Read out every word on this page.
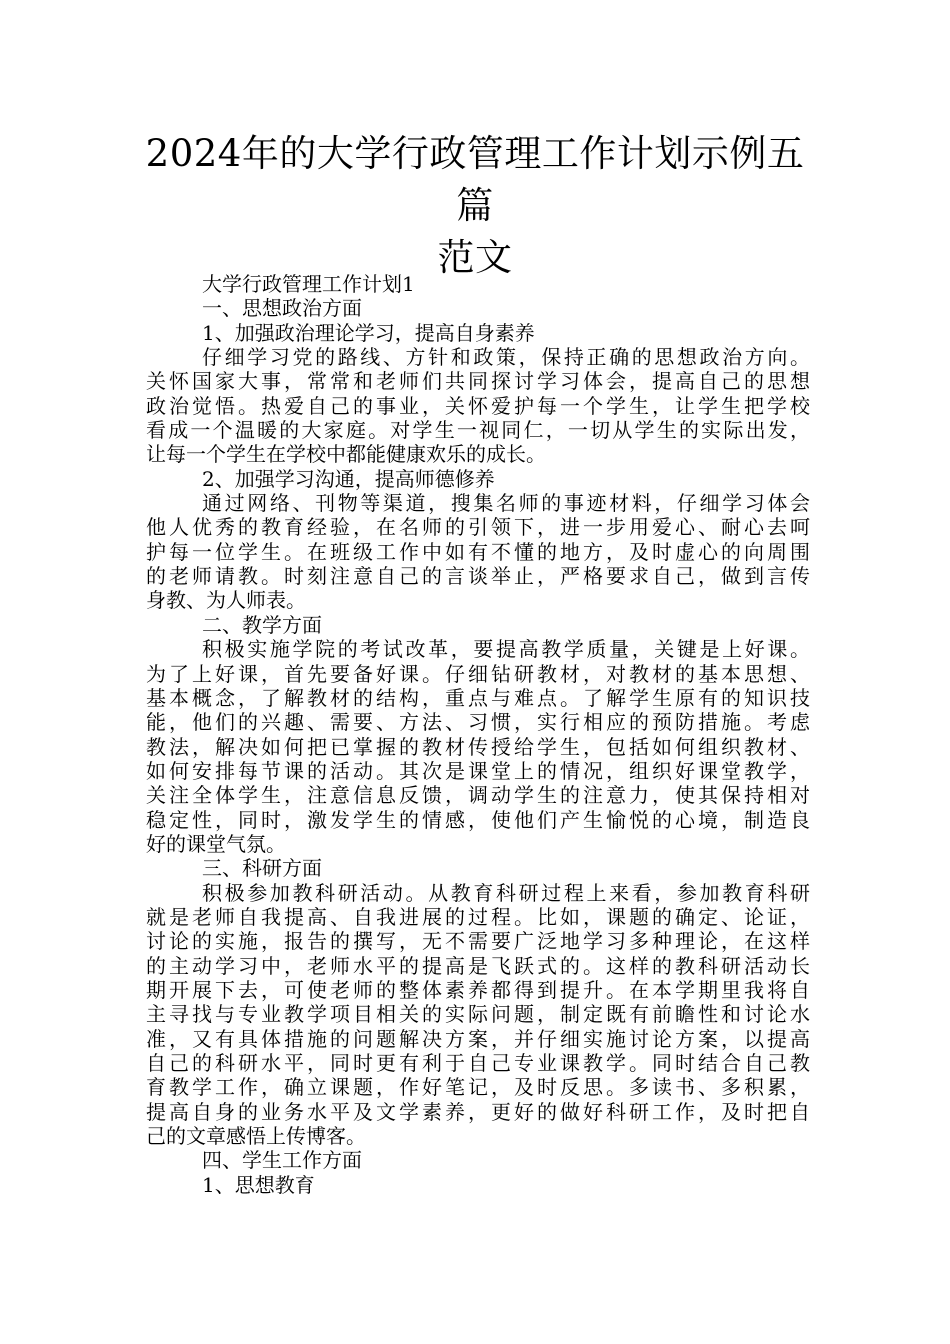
2024年的大学行政管理工作计划示例五篇
范文

大学行政管理工作计划1

一、思想政治方面

1、加强政治理论学习，提高自身素养

仔细学习党的路线、方针和政策，保持正确的思想政治方向。

关怀国家大事，常常和老师们共同探讨学习体会，提高自己的思想

政治觉悟。热爱自己的事业，关怀爱护每一个学生，让学生把学校

看成一个温暖的大家庭。对学生一视同仁，一切从学生的实际出发，

让每一个学生在学校中都能健康欢乐的成长。

2、加强学习沟通，提高师德修养

通过网络、刊物等渠道，搜集名师的事迹材料，仔细学习体会

他人优秀的教育经验，在名师的引领下，进一步用爱心、耐心去呵

护每一位学生。在班级工作中如有不懂的地方，及时虚心的向周围

的老师请教。时刻注意自己的言谈举止，严格要求自己，做到言传

身教、为人师表。

二、教学方面

积极实施学院的考试改革，要提高教学质量，关键是上好课。

为了上好课，首先要备好课。仔细钻研教材，对教材的基本思想、

基本概念，了解教材的结构，重点与难点。了解学生原有的知识技

能，他们的兴趣、需要、方法、习惯，实行相应的预防措施。考虑

教法，解决如何把已掌握的教材传授给学生，包括如何组织教材、

如何安排每节课的活动。其次是课堂上的情况，组织好课堂教学，

关注全体学生，注意信息反馈，调动学生的注意力，使其保持相对

稳定性，同时，激发学生的情感，使他们产生愉悦的心境，制造良

好的课堂气氛。

三、科研方面

积极参加教科研活动。从教育科研过程上来看，参加教育科研

就是老师自我提高、自我进展的过程。比如，课题的确定、论证，

讨论的实施，报告的撰写，无不需要广泛地学习多种理论，在这样

的主动学习中，老师水平的提高是飞跃式的。这样的教科研活动长

期开展下去，可使老师的整体素养都得到提升。在本学期里我将自

主寻找与专业教学项目相关的实际问题，制定既有前瞻性和讨论水

准，又有具体措施的问题解决方案，并仔细实施讨论方案，以提高

自己的科研水平，同时更有利于自己专业课教学。同时结合自己教

育教学工作，确立课题，作好笔记，及时反思。多读书、多积累，

提高自身的业务水平及文学素养，更好的做好科研工作，及时把自

己的文章感悟上传博客。

四、学生工作方面

1、思想教育
